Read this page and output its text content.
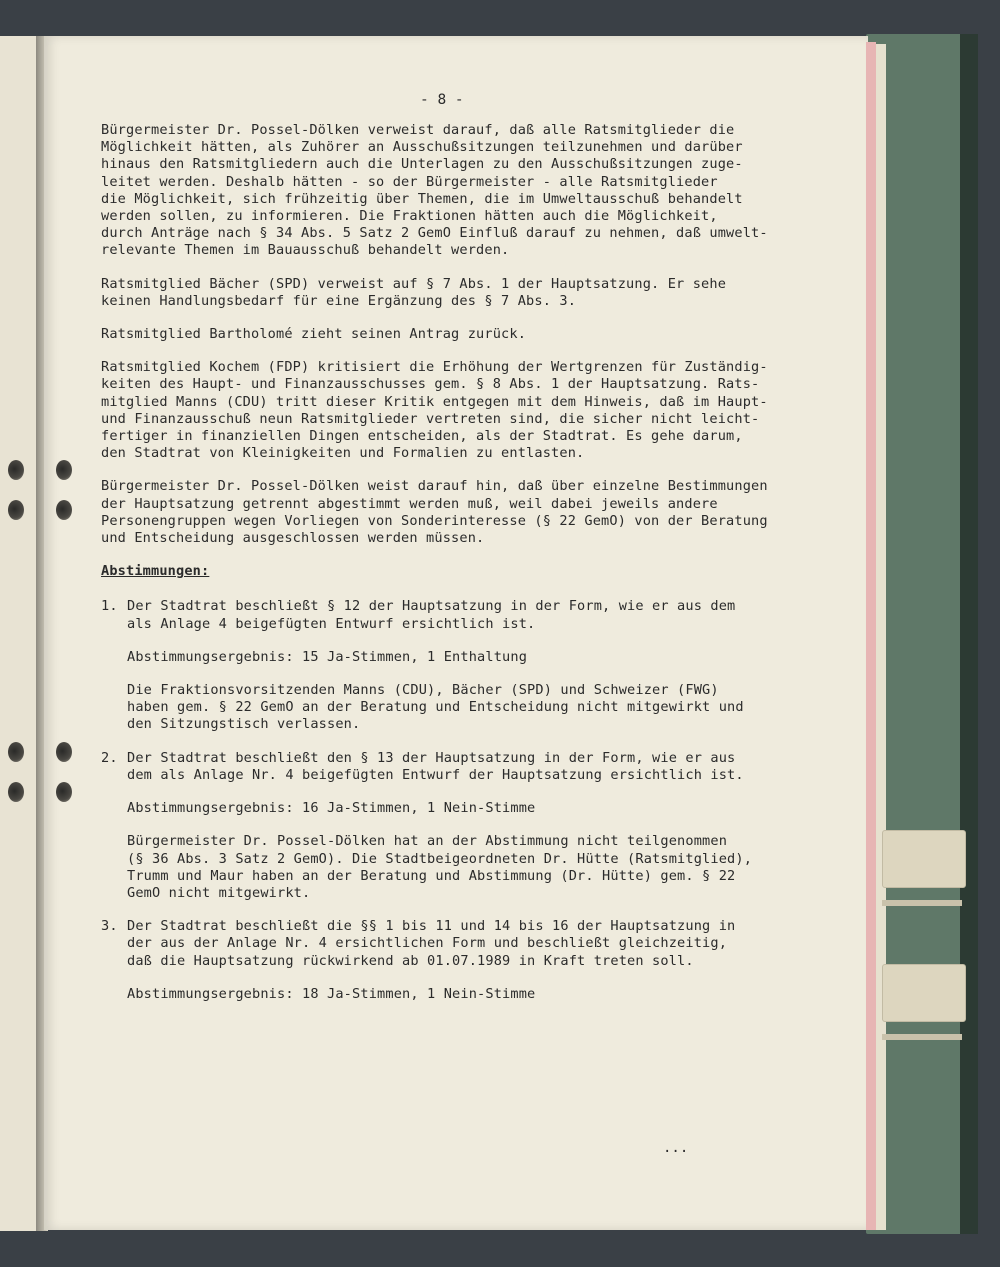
- 8 -

Bürgermeister Dr. Possel-Dölken verweist darauf, daß alle Ratsmitglieder die
Möglichkeit hätten, als Zuhörer an Ausschußsitzungen teilzunehmen und darüber
hinaus den Ratsmitgliedern auch die Unterlagen zu den Ausschußsitzungen zuge-
leitet werden. Deshalb hätten - so der Bürgermeister - alle Ratsmitglieder
die Möglichkeit, sich frühzeitig über Themen, die im Umweltausschuß behandelt
werden sollen, zu informieren. Die Fraktionen hätten auch die Möglichkeit,
durch Anträge nach § 34 Abs. 5 Satz 2 GemO Einfluß darauf zu nehmen, daß umwelt-
relevante Themen im Bauausschuß behandelt werden.

Ratsmitglied Bächer (SPD) verweist auf § 7 Abs. 1 der Hauptsatzung. Er sehe
keinen Handlungsbedarf für eine Ergänzung des § 7 Abs. 3.

Ratsmitglied Bartholomé zieht seinen Antrag zurück.

Ratsmitglied Kochem (FDP) kritisiert die Erhöhung der Wertgrenzen für Zuständig-
keiten des Haupt- und Finanzausschusses gem. § 8 Abs. 1 der Hauptsatzung. Rats-
mitglied Manns (CDU) tritt dieser Kritik entgegen mit dem Hinweis, daß im Haupt-
und Finanzausschuß neun Ratsmitglieder vertreten sind, die sicher nicht leicht-
fertiger in finanziellen Dingen entscheiden, als der Stadtrat. Es gehe darum,
den Stadtrat von Kleinigkeiten und Formalien zu entlasten.

Bürgermeister Dr. Possel-Dölken weist darauf hin, daß über einzelne Bestimmungen
der Hauptsatzung getrennt abgestimmt werden muß, weil dabei jeweils andere
Personengruppen wegen Vorliegen von Sonderinteresse (§ 22 GemO) von der Beratung
und Entscheidung ausgeschlossen werden müssen.

Abstimmungen:
1. Der Stadtrat beschließt § 12 der Hauptsatzung in der Form, wie er aus dem
als Anlage 4 beigefügten Entwurf ersichtlich ist.

Abstimmungsergebnis: 15 Ja-Stimmen, 1 Enthaltung

Die Fraktionsvorsitzenden Manns (CDU), Bächer (SPD) und Schweizer (FWG)
haben gem. § 22 GemO an der Beratung und Entscheidung nicht mitgewirkt und
den Sitzungstisch verlassen.

2. Der Stadtrat beschließt den § 13 der Hauptsatzung in der Form, wie er aus
dem als Anlage Nr. 4 beigefügten Entwurf der Hauptsatzung ersichtlich ist.

Abstimmungsergebnis: 16 Ja-Stimmen, 1 Nein-Stimme

Bürgermeister Dr. Possel-Dölken hat an der Abstimmung nicht teilgenommen
(§ 36 Abs. 3 Satz 2 GemO). Die Stadtbeigeordneten Dr. Hütte (Ratsmitglied),
Trumm und Maur haben an der Beratung und Abstimmung (Dr. Hütte) gem. § 22
GemO nicht mitgewirkt.

3. Der Stadtrat beschließt die §§ 1 bis 11 und 14 bis 16 der Hauptsatzung in
der aus der Anlage Nr. 4 ersichtlichen Form und beschließt gleichzeitig,
daß die Hauptsatzung rückwirkend ab 01.07.1989 in Kraft treten soll.

Abstimmungsergebnis: 18 Ja-Stimmen, 1 Nein-Stimme

...
